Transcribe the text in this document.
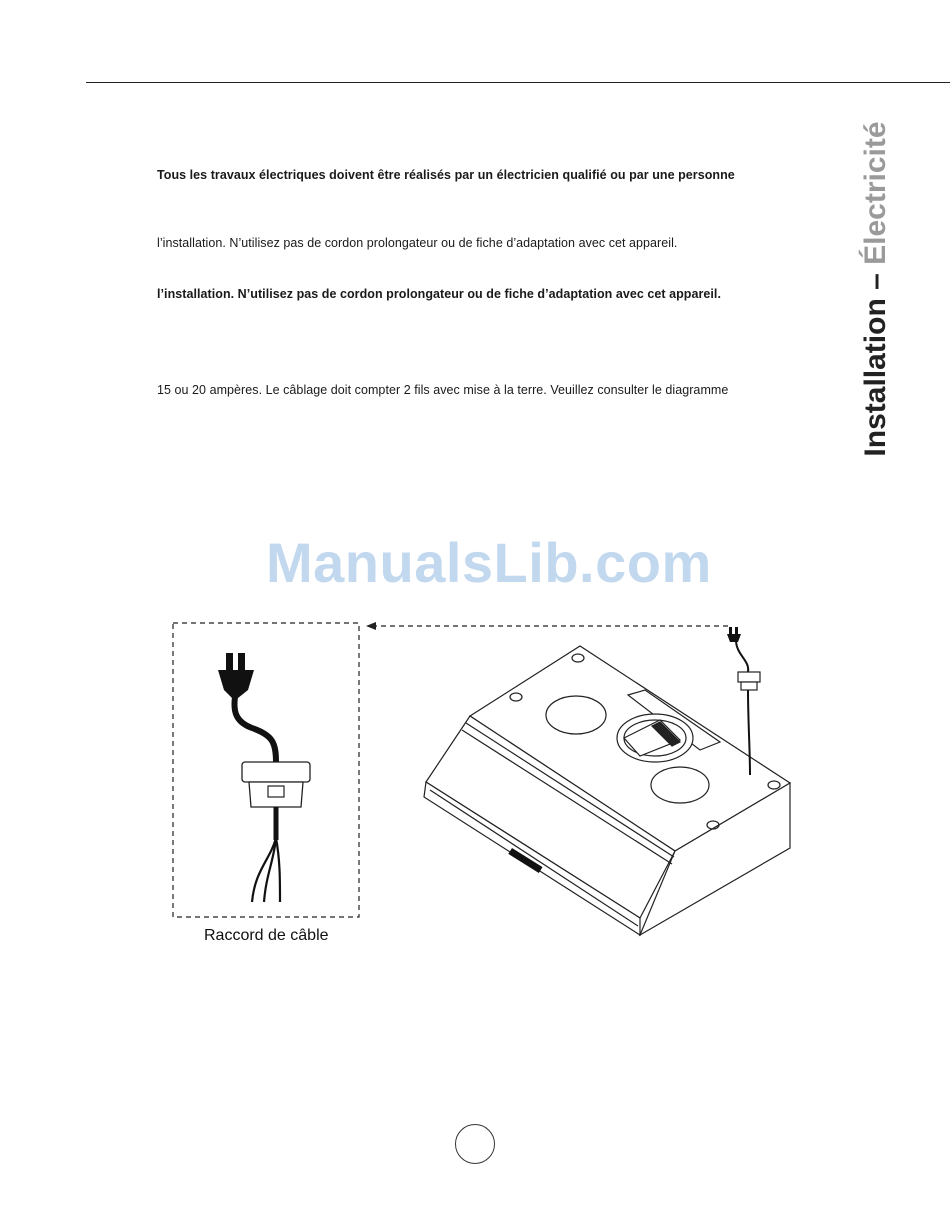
Installation – Électricité
Tous les travaux électriques doivent être réalisés par un électricien qualifié ou par une personne
l’installation. N’utilisez pas de cordon prolongateur ou de fiche d’adaptation avec cet appareil.
l’installation. N’utilisez pas de cordon prolongateur ou de fiche d’adaptation avec cet appareil.
15 ou 20 ampères. Le câblage doit compter 2 fils avec mise à la terre. Veuillez consulter le diagramme
ManualsLib.com
Raccord de câble
